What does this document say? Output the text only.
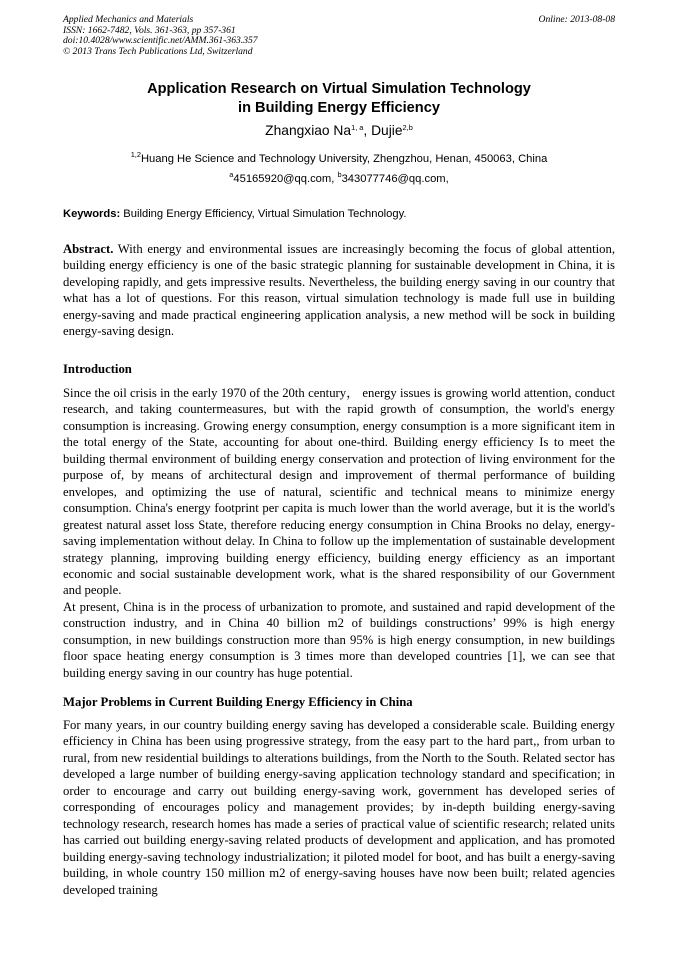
Applied Mechanics and Materials
ISSN: 1662-7482, Vols. 361-363, pp 357-361
doi:10.4028/www.scientific.net/AMM.361-363.357
© 2013 Trans Tech Publications Ltd, Switzerland
Online: 2013-08-08
Application Research on Virtual Simulation Technology
in Building Energy Efficiency
Zhangxiao Na$^{1, a}$, Dujie$^{2,b}$
$^{1,2}$Huang He Science and Technology University, Zhengzhou, Henan, 450063, China
$^a$45165920@qq.com, $^b$343077746@qq.com,
Keywords: Building Energy Efficiency, Virtual Simulation Technology.
Abstract. With energy and environmental issues are increasingly becoming the focus of global attention, building energy efficiency is one of the basic strategic planning for sustainable development in China, it is developing rapidly, and gets impressive results. Nevertheless, the building energy saving in our country that what has a lot of questions. For this reason, virtual simulation technology is made full use in building energy-saving and made practical engineering application analysis, a new method will be sock in building energy-saving design.
Introduction

Since the oil crisis in the early 1970 of the 20th century， energy issues is growing world attention, conduct research, and taking countermeasures, but with the rapid growth of consumption, the world's energy consumption is increasing. Growing energy consumption, energy consumption is a more significant item in the total energy of the State, accounting for about one-third. Building energy efficiency Is to meet the building thermal environment of building energy conservation and protection of living environment for the purpose of, by means of architectural design and improvement of thermal performance of building envelopes, and optimizing the use of natural, scientific and technical means to minimize energy consumption. China's energy footprint per capita is much lower than the world average, but it is the world's greatest natural asset loss State, therefore reducing energy consumption in China Brooks no delay, energy-saving implementation without delay. In China to follow up the implementation of sustainable development strategy planning, improving building energy efficiency, building energy efficiency as an important economic and social sustainable development work, what is the shared responsibility of our Government and people.

At present, China is in the process of urbanization to promote, and sustained and rapid development of the construction industry, and in China 40 billion m2 of buildings constructions’ 99% is high energy consumption, in new buildings construction more than 95% is high energy consumption, in new buildings floor space heating energy consumption is 3 times more than developed countries [1], we can see that building energy saving in our country has huge potential.

Major Problems in Current Building Energy Efficiency in China

For many years, in our country building energy saving has developed a considerable scale. Building energy efficiency in China has been using progressive strategy, from the easy part to the hard part,, from urban to rural, from new residential buildings to alterations buildings, from the North to the South. Related sector has developed a large number of building energy-saving application technology standard and specification; in order to encourage and carry out building energy-saving work, government has developed series of corresponding of encourages policy and management provides; by in-depth building energy-saving technology research, research homes has made a series of practical value of scientific research; related units has carried out building energy-saving related products of development and application, and has promoted building energy-saving technology industrialization; it piloted model for boot, and has built a energy-saving building, in whole country 150 million m2 of energy-saving houses have now been built; related agencies developed training
